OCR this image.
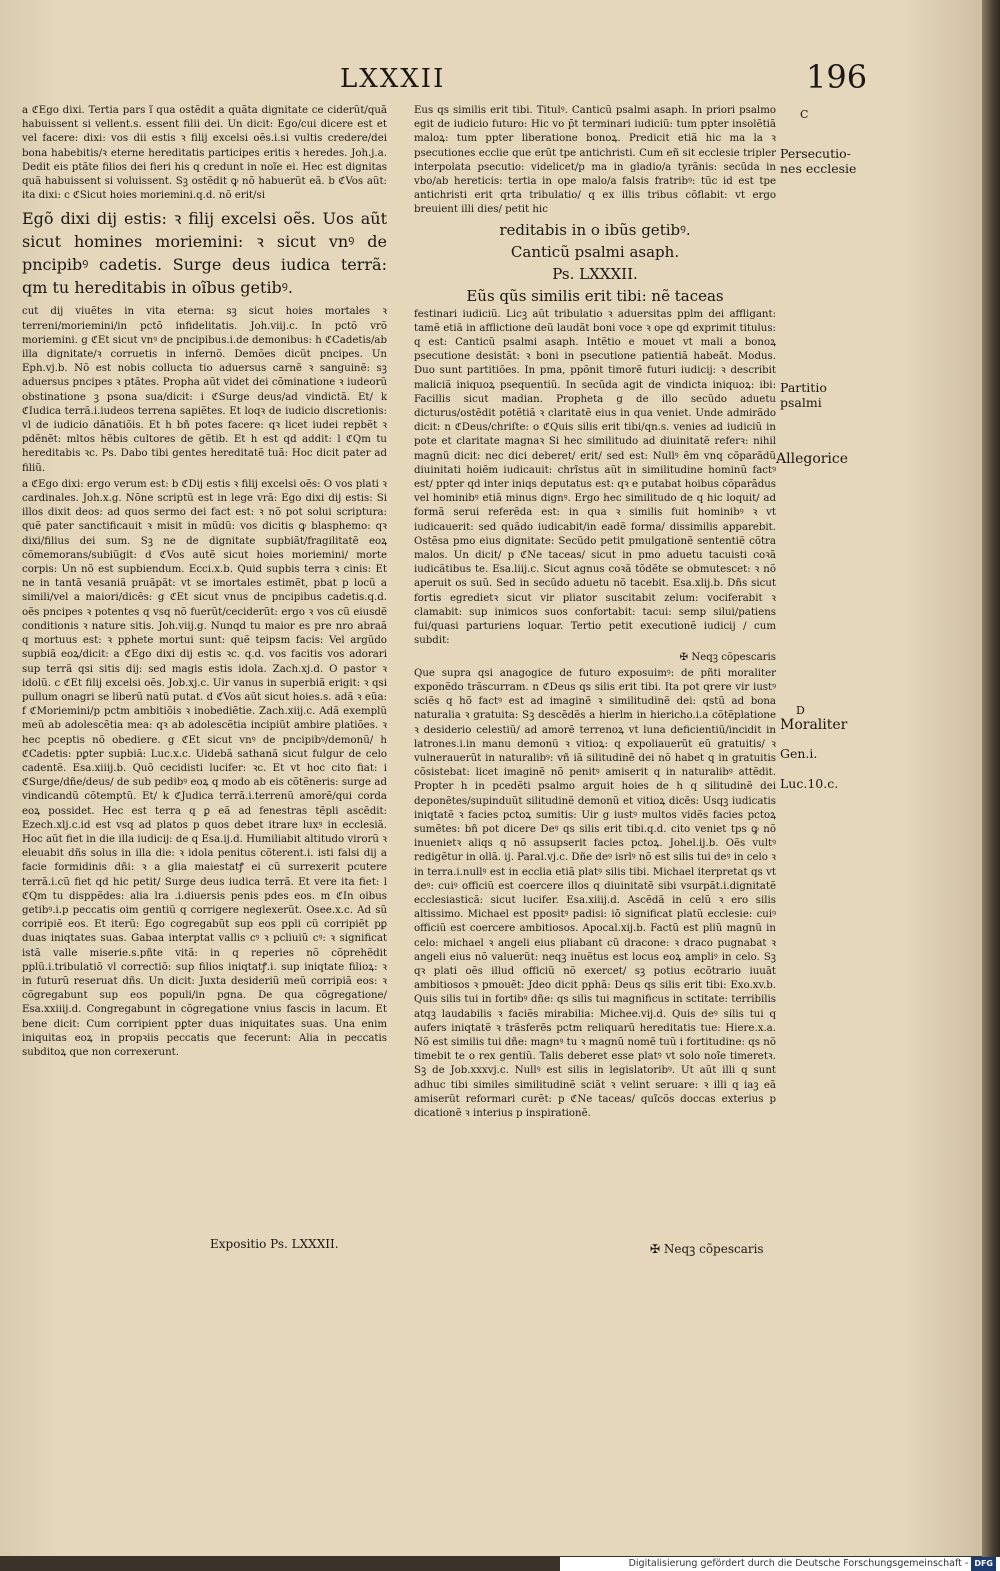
LXXXII	196

a ℭEgo dixi. Tertia pars ĩ qua ostẽdit a quãta dignitate ce ciderũt/quã habuissent si vellent.s. essent filii dei. Un dicit: Ego/cui dicere est et vel facere: dixi: vos dii estis ꝛ filij excelsi oẽs.i.si vultis credere/dei bona habebitis/ꝛ eterne hereditatis participes eritis ꝛ heredes. Joh.j.a. Dedit eis ptãte filios dei fieri his q credunt in noĩe ei. Hec est dignitas quã habuissent si voluissent. Sꝫ ostẽdit ꝙ nõ habuerũt eã. b ℭVos aũt: ita dixi: c ℭSicut hoies moriemini.q.d. nõ erit/si

Egõ dixi dij estis: ꝛ filij excelsi oẽs. Uos aũt sicut homines moriemini: ꝛ sicut vnꝰ de pncipibꝰ cadetis. Surge deus iudica terrã: qm tu hereditabis in oĩbus getibꝰ.

cut dij viuẽtes in vita eterna: sꝫ sicut hoies mortales ꝛ terreni/moriemini/in pctõ infidelitatis. Joh.viij.c. In pctõ vrõ moriemini. g ℭEt sicut vnꝰ de pncipibus.i.de demonibus: h ℭCadetis/ab illa dignitate/ꝛ corruetis in infernõ. Demões dicũt pncipes. Un Eph.vj.b. Nõ est nobis collucta tio aduersus carnẽ ꝛ sanguinẽ: sꝫ aduersus pncipes ꝛ ptãtes. Propha aũt videt dei cõminatione ꝛ iudeorũ obstinatione ꝫ psona sua/dicit: i ℭSurge deus/ad vindictã. Et/ k ℭIudica terrã.i.iudeos terrena sapiẽtes. Et loqꝛ de iudicio discretionis: vl de iudicio dãnatiõis. Et h bñ potes facere: qꝛ licet iudei repbẽt ꝛ pdẽnẽt: mltos hẽbis cultores de gẽtib. Et h est qd addit: l ℭQm tu hereditabis ꝛc. Ps. Dabo tibi gentes hereditatẽ tuã: Hoc dicit pater ad filiũ.

a ℭEgo dixi: ergo verum est: b ℭDij estis ꝛ filij excelsi oẽs: O vos plati ꝛ cardinales. Joh.x.g. Nõne scriptũ est in lege vrã: Ego dixi dij estis: Si illos dixit deos: ad quos sermo dei fact est: ꝛ nõ pot solui scriptura: quẽ pater sanctificauit ꝛ misit in mũdũ: vos dicitis ꝙ blasphemo: qꝛ dixi/filius dei sum. Sꝫ ne de dignitate supbiãt/fragilitatẽ eoꝝ cõmemorans/subiũgit: d ℭVos autẽ sicut hoies moriemini/ morte corpis: Un nõ est supbiendum. Ecci.x.b. Quid supbis terra ꝛ cinis: Et ne in tantã vesaniã pruãpãt: vt se imortales estimẽt, pbat p locũ a simili/vel a maiori/dicẽs: g ℭEt sicut vnus de pncipibus cadetis.q.d. oẽs pncipes ꝛ potentes q vsq nõ fuerũt/ceciderũt: ergo ꝛ vos cũ eiusdẽ conditionis ꝛ nature sitis. Joh.viij.g. Nunqd tu maior es pre nro abraã q mortuus est: ꝛ pphete mortui sunt: quẽ teipsm facis: Vel argũdo supbiã eoꝝ/dicit: a ℭEgo dixi dij estis ꝛc. q.d. vos facitis vos adorari sup terrã qsi sitis dij: sed magis estis idola. Zach.xj.d. O pastor ꝛ idolũ. c ℭEt filij excelsi oẽs. Job.xj.c. Uir vanus in superbiã erigit: ꝛ qsi pullum onagri se liberũ natũ putat. d ℭVos aũt sicut hoies.s. adã ꝛ eũa: f ℭMoriemini/p pctm ambitiõis ꝛ inobediẽtie. Zach.xiij.c. Adã exemplũ meũ ab adolescẽtia mea: qꝛ ab adolescẽtia incipiũt ambire platiões. ꝛ hec pceptis nõ obediere. g ℭEt sicut vnꝰ de pncipibꝰ/demonũ/ h ℭCadetis: pꝑter supbiã: Luc.x.c. Uidebã sathanã sicut fulgur de celo cadentẽ. Esa.xiiij.b. Quõ cecidisti lucifer: ꝛc. Et vt hoc cito fiat: i ℭSurge/dñe/deus/ de sub pedibꝰ eoꝝ q modo ab eis cõtẽneris: surge ad vindicandũ cõtemptũ. Et/ k ℭJudica terrã.i.terrenũ amorẽ/qui corda eoꝝ possidet. Hec est terra q ꝑ eã ad fenestras tẽpli ascẽdit: Ezech.xlj.c.id est vsq ad platos p quos debet itrare luxꝰ in ecclesiã. Hoc aũt fiet in die illa iudicij: de q Esa.ij.d. Humiliabit altitudo virorũ ꝛ eleuabit dñs solus in illa die: ꝛ idola penitus cõterent.i. isti falsi dij a facie formidinis dñi: ꝛ a glia maiestatꝭ ei cũ surrexerit pcutere terrã.i.cũ fiet qd hic petit/ Surge deus iudica terrã. Et vere ita fiet: l ℭQm tu disppẽdes: alia lra .i.diuersis penis pdes eos. m ℭIn oibus getibꝰ.i.p peccatis oim gentiũ q corrigere neglexerũt. Osee.x.c. Ad sũ corripiẽ eos. Et iterũ: Ego cogregabũt sup eos ppli cũ corripiẽt pꝑ duas iniqtates suas. Gabaa interptat vallis cꝰ ꝛ pcliuiũ cꝰ: ꝛ significat istã valle miserie.s.pñte vitã: in q reperies nõ cõprehẽdit pplũ.i.tribulatiõ vl correctiõ: sup filios iniqtatꝭ.i. sup iniqtate filioꝝ: ꝛ in futurũ reseruat dñs. Un dicit: Juxta desideriũ meũ corripiã eos: ꝛ cõgregabunt sup eos populi/in pgna. De qua cõgregatione/ Esa.xxiiij.d. Congregabunt in cõgregatione vnius fascis in lacum. Et bene dicit: Cum corripient pꝑter duas iniquitates suas. Una enim iniquitas eoꝝ in propꝛiis peccatis que fecerunt: Alia in peccatis subditoꝝ que non correxerunt.

Expositio Ps. LXXXII.

Eus qs similis erit tibi. Titulꝰ. Canticũ psalmi asaph. In priori psalmo egit de iudicio futuro: Hic vo p̄t terminari iudiciũ: tum ppter insolẽtiã maloꝝ: tum ppter liberatione bonoꝝ. Predicit etiã hic ma la ꝛ psecutiones ecclie que erũt tpe antichristi. Cum eñ sit ecclesie tripler interpolata psecutio: videlicet/p ma in gladio/a tyrãnis: secũda in vbo/ab hereticis: tertia in ope malo/a falsis fratribꝰ: tũc id est tpe antichristi erit qrta tribulatio/ q ex illis tribus cõflabit: vt ergo breuient illi dies/ petit hic

reditabis in o ibũs getibꝰ.

Canticũ psalmi asaph.

Ps. LXXXII.

Eũs qũs similis erit tibi: nẽ taceas

festinari iudiciũ. Licꝫ aũt tribulatio ꝛ aduersitas pplm dei affligant: tamẽ etiã in afflictione deũ laudãt boni voce ꝛ ope qd exprimit titulus: q est: Canticũ psalmi asaph. Intẽtio e mouet vt mali a bonoꝝ psecutione desistãt: ꝛ boni in psecutione patientiã habeãt. Modus. Duo sunt partitiões. In pma, ppõnit timorẽ futuri iudicij: ꝛ describit maliciã iniquoꝝ psequentiũ. In secũda agit de vindicta iniquoꝝ: ibi: Facillis sicut madian. Propheta g de illo secũdo aduetu dicturus/ostẽdit potẽtiã ꝛ claritatẽ eius in qua veniet. Unde admirãdo dicit: n ℭDeus/chriſte: o ℭQuis silis erit tibi/qn.s. venies ad iudiciũ in pote et claritate magnaꝛ Si hec similitudo ad diuinitatẽ referꝛ: nihil magnũ dicit: nec dici deberet/ erit/ sed est: Nullꝰ ẽm vnq cõparãdũ diuinitati hoiẽm iudicauit: chrĩstus aũt in similitudine hominũ factꝰ est/ ppter qd inter iniqs deputatus est: qꝛ e putabat hoibus cõparãdus vel hominibꝰ etiã minus dignꝰ. Ergo hec similitudo de q hic loquit/ ad formã serui referẽda est: in qua ꝛ similis fuit hominibꝰ ꝛ vt iudicauerit: sed quãdo iudicabit/in eadẽ forma/ dissimilis apparebit. Ostẽsa pmo eius dignitate: Secũdo petit pmulgationẽ sententiẽ cõtra malos. Un dicit/ p ℭNe taceas/ sicut in pmo aduetu tacuisti coꝛã iudicãtibus te. Esa.liij.c. Sicut agnus coꝛã tõdẽte se obmutescet: ꝛ nõ aperuit os suũ. Sed in secũdo aduetu nõ tacebit. Esa.xlij.b. Dñs sicut fortis egredietꝛ sicut vir pliator suscitabit zelum: vociferabit ꝛ clamabit: sup inimicos suos confortabit: tacui: semp silui/patiens fui/quasi parturiens loquar. Tertio petit executionẽ iudicij / cum subdit:

✠ Neqꝫ cõpescaris

Que supra qsi anagogice de futuro exposuimꝰ: de pñti moraliter exponẽdo trãscurram. n ℭDeus qs silis erit tibi. Ita pot qrere vir iustꝰ sciẽs q hõ factꝰ est ad imaginẽ ꝛ similitudinẽ dei: qstũ ad bona naturalia ꝛ gratuita: Sꝫ descẽdẽs a hierlm in hiericho.i.a cõtẽplatione ꝛ desiderio celestiũ/ ad amorẽ terrenoꝝ vt luna deficientiũ/incidit in latrones.i.in manu demonũ ꝛ vitioꝝ: q expoliauerũt eũ gratuitis/ ꝛ vulnerauerũt in naturalibꝰ: vñ iã silitudinẽ dei nõ habet q in gratuitis cõsistebat: licet imaginẽ nõ penitꝰ amiserit q in naturalibꝰ attẽdit. Propter h in pcedẽti psalmo arguit hoies de h q silitudinẽ dei deponẽtes/supinduũt silitudinẽ demonũ et vitioꝝ dicẽs: Usqꝫ iudicatis iniqtatẽ ꝛ facies pctoꝝ sumitis: Uir g iustꝰ multos vidẽs facies pctoꝝ sumẽtes: bñ pot dicere Deꝰ qs silis erit tibi.q.d. cito veniet tps ꝙ nõ inuenietꝛ aliqs q nõ assupserit facies pctoꝝ. Johel.ij.b. Oẽs vultꝰ redigẽtur in ollã. ij. Paral.vj.c. Dñe deꝰ isrlꝰ nõ est silis tui deꝰ in celo ꝛ in terra.i.nullꝰ est in ecclia etiã platꝰ silis tibi. Michael iterpretat qs vt deꝰ: cuiꝰ officiũ est coercere illos q diuinitatẽ sibi vsurpãt.i.dignitatẽ ecclesiasticã: sicut lucifer. Esa.xiiij.d. Ascẽdã in celũ ꝛ ero silis altissimo. Michael est ppositꝰ padisi: iõ significat platũ ecclesie: cuiꝰ officiũ est coercere ambitiosos. Apocal.xij.b. Factũ est pliũ magnũ in celo: michael ꝛ angeli eius pliabant cũ dracone: ꝛ draco pugnabat ꝛ angeli eius nõ valuerũt: neqꝫ inuẽtus est locus eoꝝ ampliꝰ in celo. Sꝫ qꝛ plati oẽs illud officiũ nõ exercet/ sꝫ potius ecõtrario iuuãt ambitiosos ꝛ pmouẽt: Jdeo dicit pphã: Deus qs silis erit tibi: Exo.xv.b. Quis silis tui in fortibꝰ dñe: qs silis tui magnificus in sctitate: terribilis atqꝫ laudabilis ꝛ faciẽs mirabilia: Michee.vij.d. Quis deꝰ silis tui q aufers iniqtatẽ ꝛ trãsferẽs pctm reliquarũ hereditatis tue: Hiere.x.a. Nõ est similis tui dñe: magnꝰ tu ꝛ magnũ nomẽ tuũ i fortitudine: qs nõ timebit te o rex gentiũ. Talis deberet esse platꝰ vt solo noĩe timeretꝛ. Sꝫ de Job.xxxvj.c. Nullꝰ est silis in legislatoribꝰ. Ut aũt illi q sunt adhuc tibi similes similitudinẽ sciãt ꝛ velint seruare: ꝛ illi q iaꝫ eã amiserũt reformari curẽt: p ℭNe taceas/ quĩcõs doccas exterius p dicationẽ ꝛ interius p inspirationẽ.

✠ Neqꝫ cõpescaris
C
Persecutio- nes ecclesie
Partitio psalmi
Allegorice
D
Moraliter
Gen.i.
Luc.10.c.
Digitalisierung gefördert durch die Deutsche Forschungsgemeinschaft - DFG
